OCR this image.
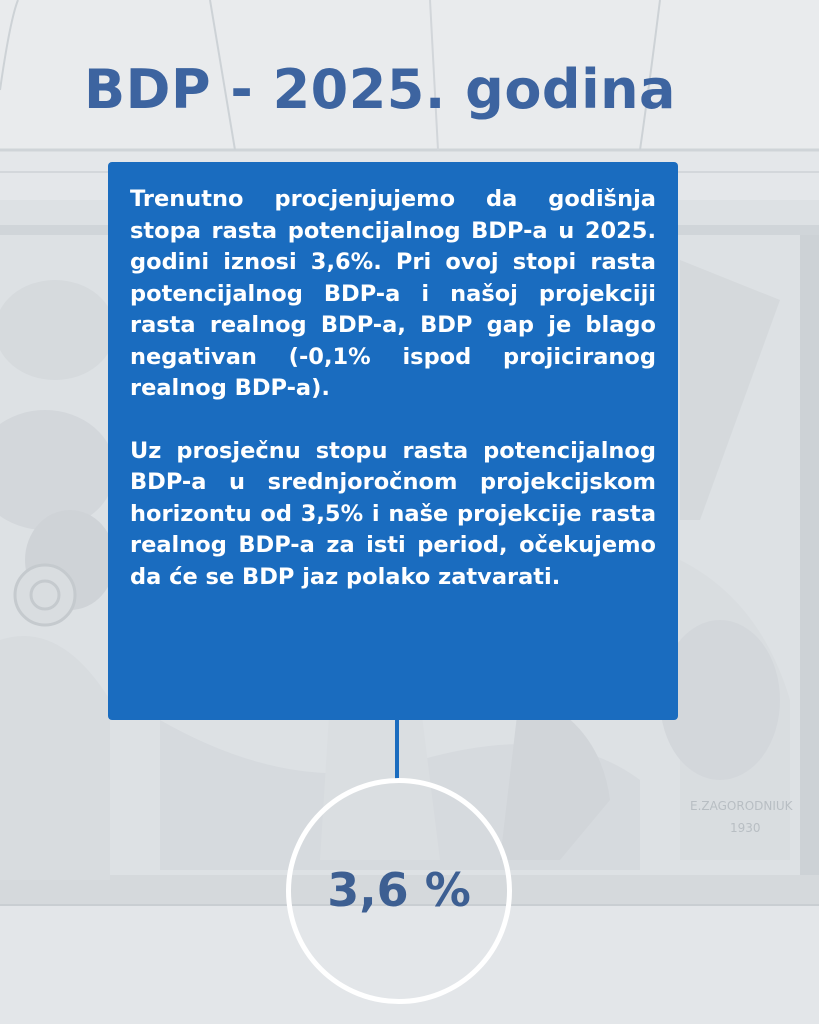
E.ZAGORODNIUK
1930
BDP - 2025. godina

Trenutno procjenjujemo da godišnja stopa rasta potencijalnog BDP-a u 2025. godini iznosi 3,6%. Pri ovoj stopi rasta potencijalnog BDP-a i našoj projekciji rasta realnog BDP-a, BDP gap je blago negativan (-0,1% ispod projiciranog realnog BDP-a).

Uz prosječnu stopu rasta potencijalnog BDP-a u srednjoročnom projekcijskom horizontu od 3,5% i naše projekcije rasta realnog BDP-a za isti period, očekujemo da će se BDP jaz polako zatvarati.

3,6 %
